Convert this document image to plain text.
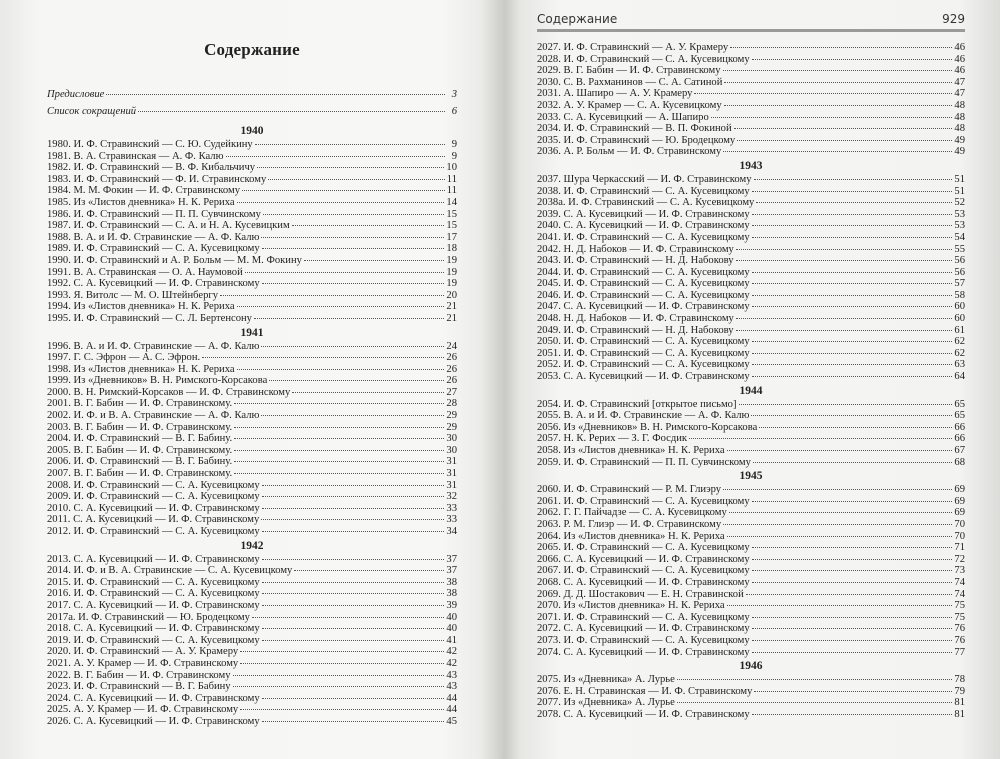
Содержание
Предисловие	3
Список сокращений	6
1940
1980. И. Ф. Стравинский — С. Ю. Судейкину	9
1981. В. А. Стравинская — А. Ф. Калю	9
1982. И. Ф. Стравинский — В. Ф. Кибальчичу	10
1983. И. Ф. Стравинский — Ф. И. Стравинскому	11
1984. М. М. Фокин — И. Ф. Стравинскому	11
1985. Из «Листов дневника» Н. К. Рериха	14
1986. И. Ф. Стравинский — П. П. Сувчинскому	15
1987. И. Ф. Стравинский — С. А. и Н. А. Кусевицким	15
1988. В. А. и И. Ф. Стравинские — А. Ф. Калю	17
1989. И. Ф. Стравинский — С. А. Кусевицкому	18
1990. И. Ф. Стравинский и А. Р. Больм — М. М. Фокину	19
1991. В. А. Стравинская — О. А. Наумовой	19
1992. С. А. Кусевицкий — И. Ф. Стравинскому	19
1993. Я. Витолс — М. О. Штейнбергу	20
1994. Из «Листов дневника» Н. К. Рериха	21
1995. И. Ф. Стравинский — С. Л. Бертенсону	21
1941
1996. В. А. и И. Ф. Стравинские — А. Ф. Калю	24
1997. Г. С. Эфрон — А. С. Эфрон.	26
1998. Из «Листов дневника» Н. К. Рериха	26
1999. Из «Дневников» В. Н. Римского-Корсакова	26
2000. В. Н. Римский-Корсаков — И. Ф. Стравинскому	27
2001. В. Г. Бабин — И. Ф. Стравинскому.	28
2002. И. Ф. и В. А. Стравинские — А. Ф. Калю	29
2003. В. Г. Бабин — И. Ф. Стравинскому.	29
2004. И. Ф. Стравинский — В. Г. Бабину.	30
2005. В. Г. Бабин — И. Ф. Стравинскому.	30
2006. И. Ф. Стравинский — В. Г. Бабину.	31
2007. В. Г. Бабин — И. Ф. Стравинскому.	31
2008. И. Ф. Стравинский — С. А. Кусевицкому	31
2009. И. Ф. Стравинский — С. А. Кусевицкому	32
2010. С. А. Кусевицкий — И. Ф. Стравинскому	33
2011. С. А. Кусевицкий — И. Ф. Стравинскому	33
2012. И. Ф. Стравинский — С. А. Кусевицкому	34
1942
2013. С. А. Кусевицкий — И. Ф. Стравинскому	37
2014. И. Ф. и В. А. Стравинские — С. А. Кусевицкому	37
2015. И. Ф. Стравинский — С. А. Кусевицкому	38
2016. И. Ф. Стравинский — С. А. Кусевицкому	38
2017. С. А. Кусевицкий — И. Ф. Стравинскому	39
2017а. И. Ф. Стравинский — Ю. Бродецкому	40
2018. С. А. Кусевицкий — И. Ф. Стравинскому	40
2019. И. Ф. Стравинский — С. А. Кусевицкому	41
2020. И. Ф. Стравинский — А. У. Крамеру	42
2021. А. У. Крамер — И. Ф. Стравинскому	42
2022. В. Г. Бабин — И. Ф. Стравинскому	43
2023. И. Ф. Стравинский — В. Г. Бабину	43
2024. С. А. Кусевицкий — И. Ф. Стравинскому	44
2025. А. У. Крамер — И. Ф. Стравинскому	44
2026. С. А. Кусевицкий — И. Ф. Стравинскому	45
Содержание	929
2027. И. Ф. Стравинский — А. У. Крамеру	46
2028. И. Ф. Стравинский — С. А. Кусевицкому	46
2029. В. Г. Бабин — И. Ф. Стравинскому	46
2030. С. В. Рахманинов — С. А. Сатиной	47
2031. А. Шапиро — А. У. Крамеру	47
2032. А. У. Крамер — С. А. Кусевицкому	48
2033. С. А. Кусевицкий — А. Шапиро	48
2034. И. Ф. Стравинский — В. П. Фокиной	48
2035. И. Ф. Стравинский — Ю. Бродецкому	49
2036. А. Р. Больм — И. Ф. Стравинскому	49
1943
2037. Шура Черкасский — И. Ф. Стравинскому	51
2038. И. Ф. Стравинский — С. А. Кусевицкому	51
2038а. И. Ф. Стравинский — С. А. Кусевицкому	52
2039. С. А. Кусевицкий — И. Ф. Стравинскому	53
2040. С. А. Кусевицкий — И. Ф. Стравинскому	53
2041. И. Ф. Стравинский — С. А. Кусевицкому	54
2042. Н. Д. Набоков — И. Ф. Стравинскому	55
2043. И. Ф. Стравинский — Н. Д. Набокову	56
2044. И. Ф. Стравинский — С. А. Кусевицкому	56
2045. И. Ф. Стравинский — С. А. Кусевицкому	57
2046. И. Ф. Стравинский — С. А. Кусевицкому	58
2047. С. А. Кусевицкий — И. Ф. Стравинскому	60
2048. Н. Д. Набоков — И. Ф. Стравинскому	60
2049. И. Ф. Стравинский — Н. Д. Набокову	61
2050. И. Ф. Стравинский — С. А. Кусевицкому	62
2051. И. Ф. Стравинский — С. А. Кусевицкому	62
2052. И. Ф. Стравинский — С. А. Кусевицкому	63
2053. С. А. Кусевицкий — И. Ф. Стравинскому	64
1944
2054. И. Ф. Стравинский [открытое письмо]	65
2055. В. А. и И. Ф. Стравинские — А. Ф. Калю	65
2056. Из «Дневников» В. Н. Римского-Корсакова	66
2057. Н. К. Рерих — З. Г. Фосдик	66
2058. Из «Листов дневника» Н. К. Рериха	67
2059. И. Ф. Стравинский — П. П. Сувчинскому	68
1945
2060. И. Ф. Стравинский — Р. М. Глиэру	69
2061. И. Ф. Стравинский — С. А. Кусевицкому	69
2062. Г. Г. Пайчадзе — С. А. Кусевицкому	69
2063. Р. М. Глиэр — И. Ф. Стравинскому	70
2064. Из «Листов дневника» Н. К. Рериха	70
2065. И. Ф. Стравинский — С. А. Кусевицкому	71
2066. С. А. Кусевицкий — И. Ф. Стравинскому	72
2067. И. Ф. Стравинский — С. А. Кусевицкому	73
2068. С. А. Кусевицкий — И. Ф. Стравинскому	74
2069. Д. Д. Шостакович — Е. Н. Стравинской	74
2070. Из «Листов дневника» Н. К. Рериха	75
2071. И. Ф. Стравинский — С. А. Кусевицкому	75
2072. С. А. Кусевицкий — И. Ф. Стравинскому	76
2073. И. Ф. Стравинский — С. А. Кусевицкому	76
2074. С. А. Кусевицкий — И. Ф. Стравинскому	77
1946
2075. Из «Дневника» А. Лурье	78
2076. Е. Н. Стравинская — И. Ф. Стравинскому	79
2077. Из «Дневника» А. Лурье	81
2078. С. А. Кусевицкий — И. Ф. Стравинскому	81
